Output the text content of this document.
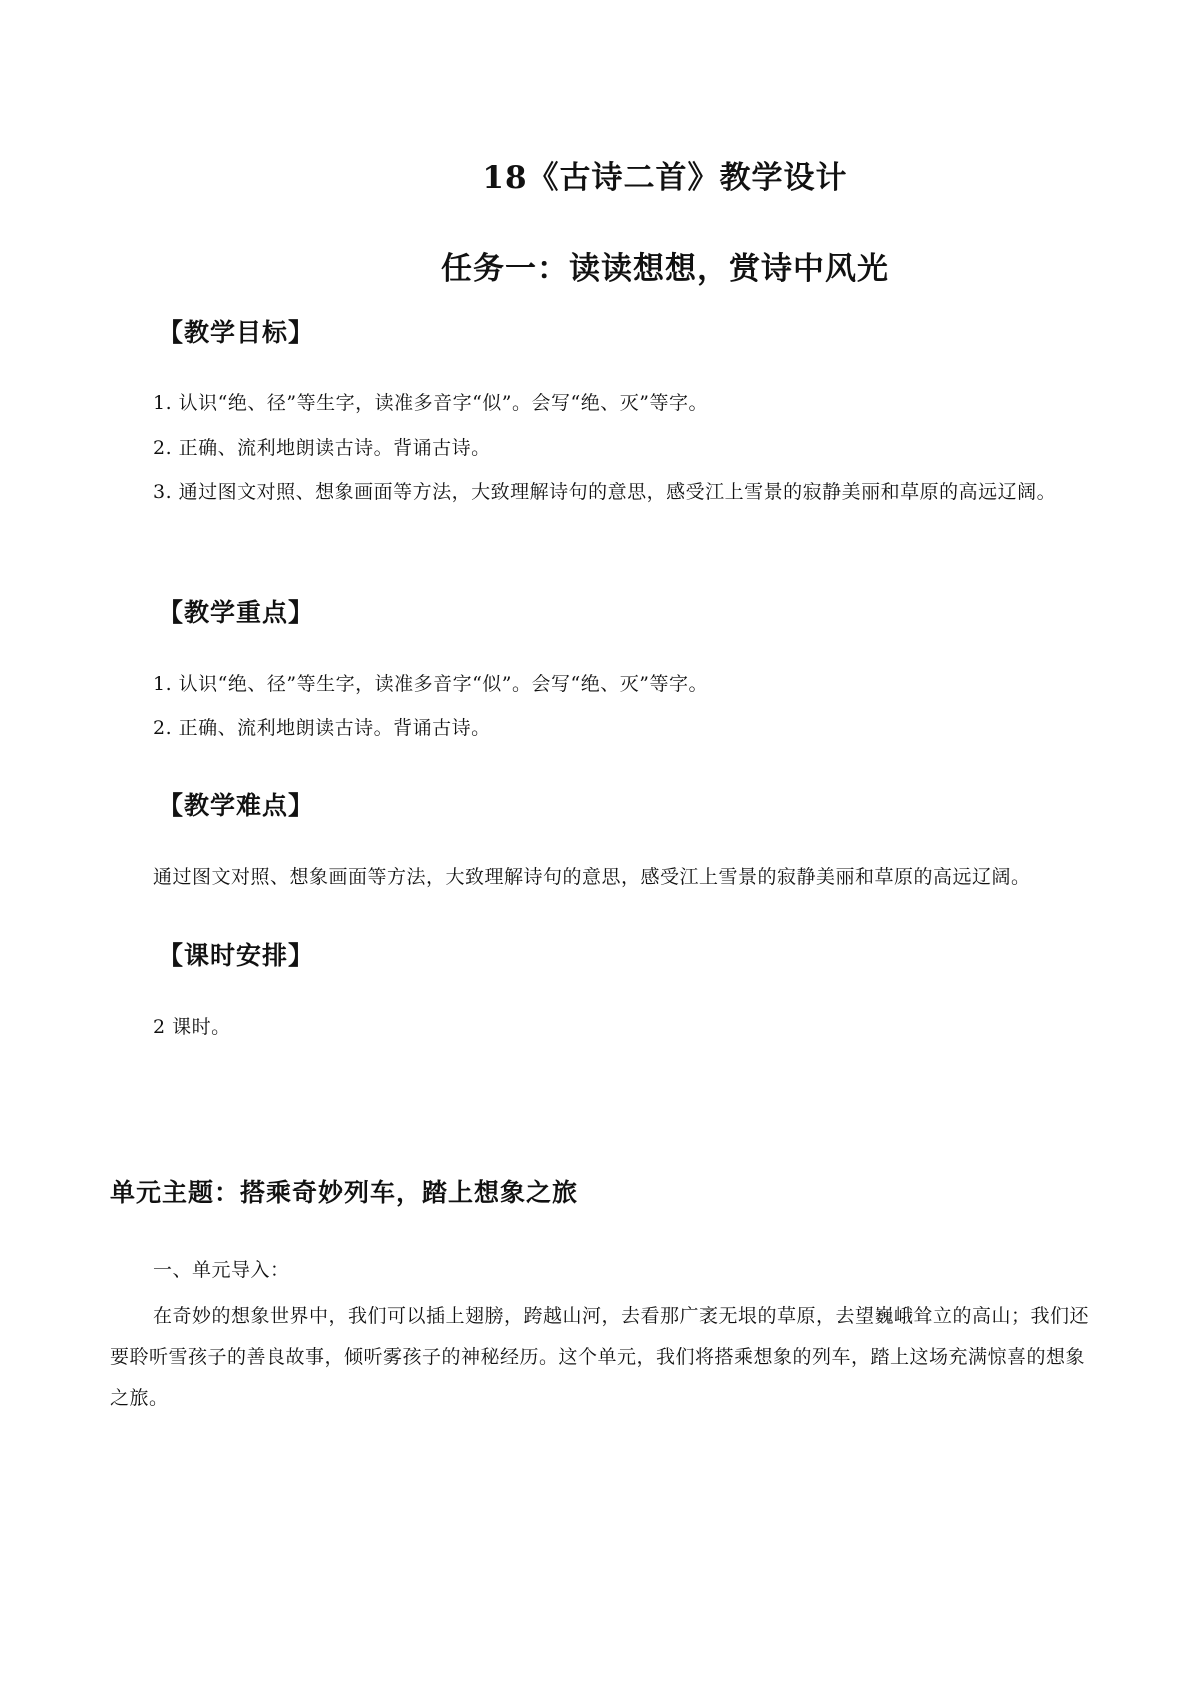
18《古诗二首》教学设计
任务一：读读想想，赏诗中风光
【教学目标】
1. 认识“绝、径”等生字，读准多音字“似”。会写“绝、灭”等字。
2. 正确、流利地朗读古诗。背诵古诗。
3. 通过图文对照、想象画面等方法，大致理解诗句的意思，感受江上雪景的寂静美丽和草原的高远辽阔。
【教学重点】
1. 认识“绝、径”等生字，读准多音字“似”。会写“绝、灭”等字。
2. 正确、流利地朗读古诗。背诵古诗。
【教学难点】
通过图文对照、想象画面等方法，大致理解诗句的意思，感受江上雪景的寂静美丽和草原的高远辽阔。
【课时安排】
2 课时。
单元主题：搭乘奇妙列车，踏上想象之旅
一、单元导入：
在奇妙的想象世界中，我们可以插上翅膀，跨越山河，去看那广袤无垠的草原，去望巍峨耸立的高山；我们还要聆听雪孩子的善良故事，倾听雾孩子的神秘经历。这个单元，我们将搭乘想象的列车，踏上这场充满惊喜的想象之旅。
